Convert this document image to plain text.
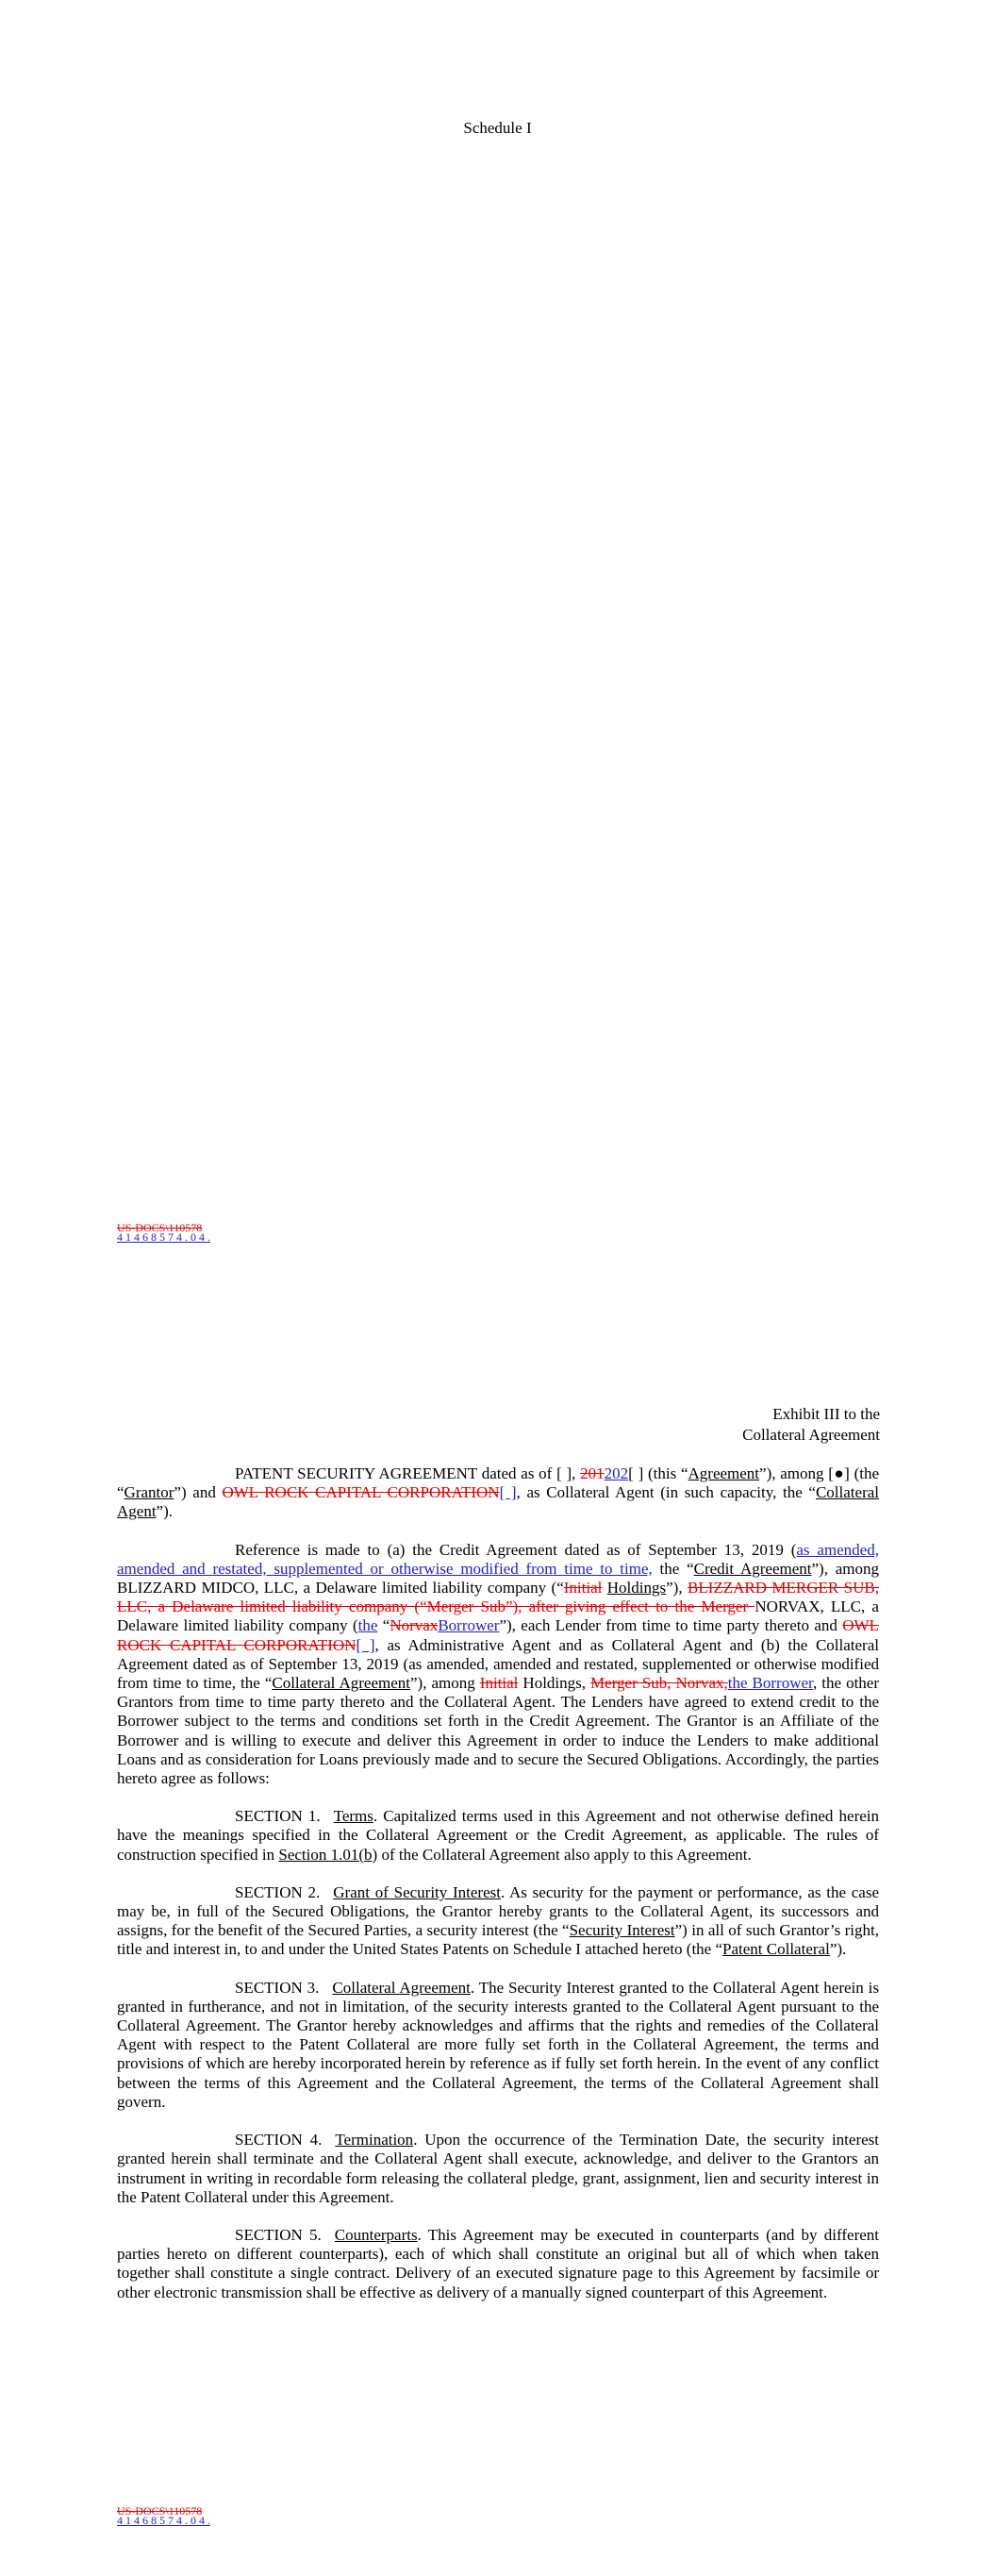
Schedule I
US-DOCS\110578
4 1 4 6 8 5 7 4 . 0 4 .
Exhibit III to the
Collateral Agreement

PATENT SECURITY AGREEMENT dated as of [ ], 201202[ ] (this “Agreement”), among [●] (the “Grantor”) and OWL ROCK CAPITAL CORPORATION[ ], as Collateral Agent (in such capacity, the “Collateral Agent”).

Reference is made to (a) the Credit Agreement dated as of September 13, 2019 (as amended, amended and restated, supplemented or otherwise modified from time to time, the “Credit Agreement”), among BLIZZARD MIDCO, LLC, a Delaware limited liability company (“Initial Holdings”), BLIZZARD MERGER SUB, LLC, a Delaware limited liability company (“Merger Sub”), after giving effect to the Merger NORVAX, LLC, a Delaware limited liability company (the “NorvaxBorrower”), each Lender from time to time party thereto and OWL ROCK CAPITAL CORPORATION[ ], as Administrative Agent and as Collateral Agent and (b) the Collateral Agreement dated as of September 13, 2019 (as amended, amended and restated, supplemented or otherwise modified from time to time, the “Collateral Agreement”), among Initial Holdings, Merger Sub, Norvax,the Borrower, the other Grantors from time to time party thereto and the Collateral Agent. The Lenders have agreed to extend credit to the Borrower subject to the terms and conditions set forth in the Credit Agreement. The Grantor is an Affiliate of the Borrower and is willing to execute and deliver this Agreement in order to induce the Lenders to make additional Loans and as consideration for Loans previously made and to secure the Secured Obligations. Accordingly, the parties hereto agree as follows:

SECTION 1. Terms. Capitalized terms used in this Agreement and not otherwise defined herein have the meanings specified in the Collateral Agreement or the Credit Agreement, as applicable. The rules of construction specified in Section 1.01(b) of the Collateral Agreement also apply to this Agreement.

SECTION 2. Grant of Security Interest. As security for the payment or performance, as the case may be, in full of the Secured Obligations, the Grantor hereby grants to the Collateral Agent, its successors and assigns, for the benefit of the Secured Parties, a security interest (the “Security Interest”) in all of such Grantor’s right, title and interest in, to and under the United States Patents on Schedule I attached hereto (the “Patent Collateral”).

SECTION 3. Collateral Agreement. The Security Interest granted to the Collateral Agent herein is granted in furtherance, and not in limitation, of the security interests granted to the Collateral Agent pursuant to the Collateral Agreement. The Grantor hereby acknowledges and affirms that the rights and remedies of the Collateral Agent with respect to the Patent Collateral are more fully set forth in the Collateral Agreement, the terms and provisions of which are hereby incorporated herein by reference as if fully set forth herein. In the event of any conflict between the terms of this Agreement and the Collateral Agreement, the terms of the Collateral Agreement shall govern.

SECTION 4. Termination. Upon the occurrence of the Termination Date, the security interest granted herein shall terminate and the Collateral Agent shall execute, acknowledge, and deliver to the Grantors an instrument in writing in recordable form releasing the collateral pledge, grant, assignment, lien and security interest in the Patent Collateral under this Agreement.

SECTION 5. Counterparts. This Agreement may be executed in counterparts (and by different parties hereto on different counterparts), each of which shall constitute an original but all of which when taken together shall constitute a single contract. Delivery of an executed signature page to this Agreement by facsimile or other electronic transmission shall be effective as delivery of a manually signed counterpart of this Agreement.

US-DOCS\110578
4 1 4 6 8 5 7 4 . 0 4 .
